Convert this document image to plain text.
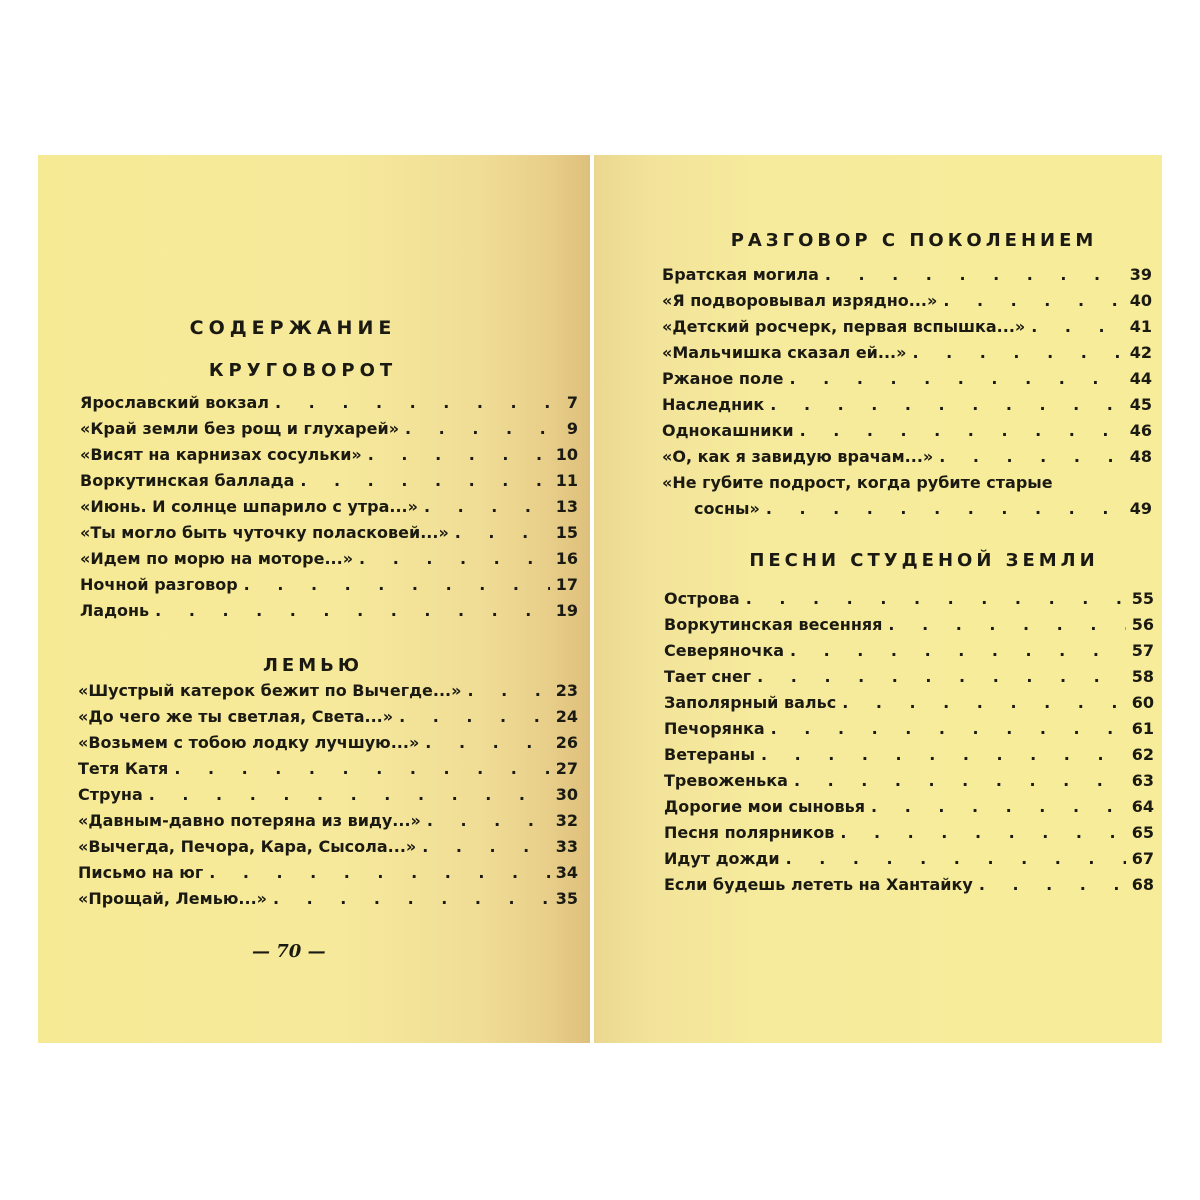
СОДЕРЖАНИЕ
КРУГОВОРОТ
Ярославский вокзал . . .	7
«Край земли без рощ и глухарей» . . .	9
«Висят на карнизах сосульки» . . .	10
Воркутинская баллада . . .	11
«Июнь. И солнце шпарило с утра...» . . .	13
«Ты могло быть чуточку поласковей...» . . .	15
«Идем по морю на моторе...» . . .	16
Ночной разговор . . .	17
Ладонь . . .	19
ЛЕМЬЮ
«Шустрый катерок бежит по Вычегде...» . . .	23
«До чего же ты светлая, Света...» . . .	24
«Возьмем с тобою лодку лучшую...» . . .	26
Тетя Катя . . .	27
Струна . . .	30
«Давным-давно потеряна из виду...» . . .	32
«Вычегда, Печора, Кара, Сысола...» . . .	33
Письмо на юг . . .	34
«Прощай, Лемью...» . . .	35
— 70 —
РАЗГОВОР С ПОКОЛЕНИЕМ
Братская могила . . .	39
«Я подворовывал изрядно...» . . .	40
«Детский росчерк, первая вспышка...» . . .	41
«Мальчишка сказал ей...» . . .	42
Ржаное поле . . .	44
Наследник . . .	45
Однокашники . . .	46
«О, как я завидую врачам...» . . .	48
«Не губите подрост, когда рубите старые
сосны» . . .	49
ПЕСНИ СТУДЕНОЙ ЗЕМЛИ
Острова . . .	55
Воркутинская весенняя . . .	56
Северяночка . . .	57
Тает снег . . .	58
Заполярный вальс . . .	60
Печорянка . . .	61
Ветераны . . .	62
Тревоженька . . .	63
Дорогие мои сыновья . . .	64
Песня полярников . . .	65
Идут дожди . . .	67
Если будешь лететь на Хантайку . . .	68
